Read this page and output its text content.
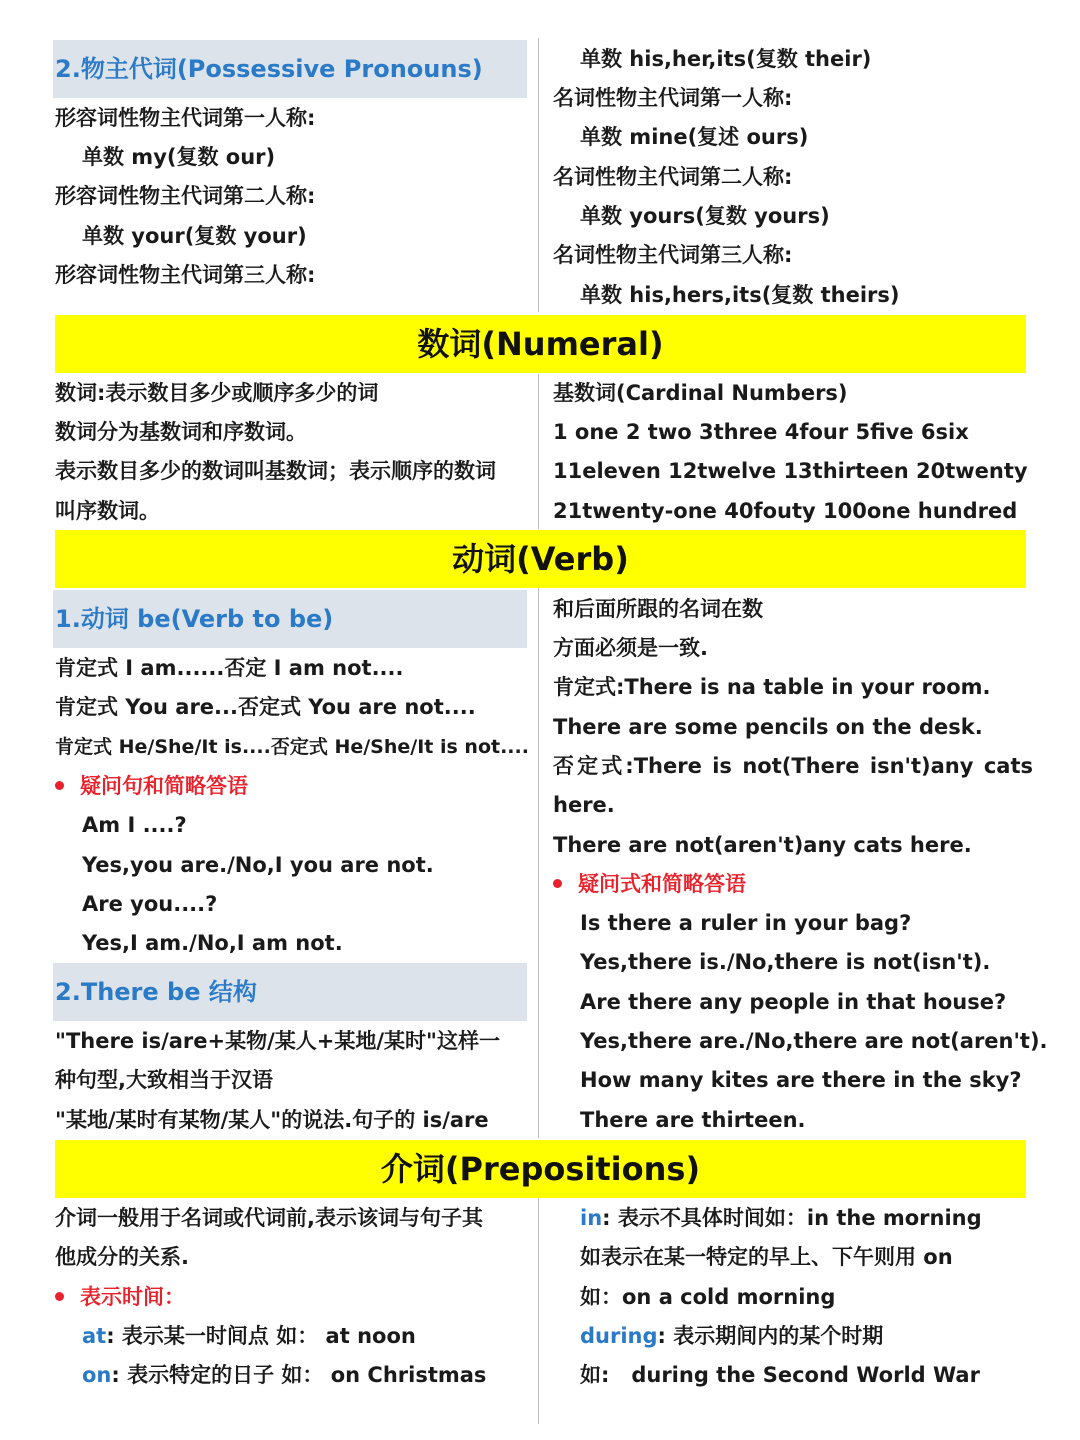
2.物主代词(Possessive Pronouns)
形容词性物主代词第一人称:
单数 my(复数 our)
形容词性物主代词第二人称:
单数 your(复数 your)
形容词性物主代词第三人称:
单数 his,her,its(复数 their)
名词性物主代词第一人称:
单数 mine(复述 ours)
名词性物主代词第二人称:
单数 yours(复数 yours)
名词性物主代词第三人称:
单数 his,hers,its(复数 theirs)
数词(Numeral)
数词:表示数目多少或顺序多少的词
数词分为基数词和序数词。
表示数目多少的数词叫基数词；表示顺序的数词
叫序数词。
基数词(Cardinal Numbers)
1 one 2 two 3three 4four 5five 6six
11eleven 12twelve 13thirteen 20twenty
21twenty-one 40fouty 100one hundred
动词(Verb)
1.动词 be(Verb to be)
肯定式 I am......否定 I am not....
肯定式 You are...否定式 You are not....
肯定式 He/She/It is....否定式 He/She/It is not....
疑问句和简略答语
Am I ....?
Yes,you are./No,I you are not.
Are you....?
Yes,I am./No,I am not.
2.There be 结构
"There is/are+某物/某人+某地/某时"这样一
种句型,大致相当于汉语
"某地/某时有某物/某人"的说法.句子的 is/are
和后面所跟的名词在数
方面必须是一致.
肯定式:There is na table in your room.
There are some pencils on the desk.
否定式:There is not(There isn't)any cats
here.
There are not(aren't)any cats here.
疑问式和简略答语
Is there a ruler in your bag?
Yes,there is./No,there is not(isn't).
Are there any people in that house?
Yes,there are./No,there are not(aren't).
How many kites are there in the sky?
There are thirteen.
介词(Prepositions)
介词一般用于名词或代词前,表示该词与句子其
他成分的关系.
表示时间：
at: 表示某一时间点 如： at noon
on: 表示特定的日子 如： on Christmas
in: 表示不具体时间如：in the morning
如表示在某一特定的早上、下午则用 on
如：on a cold morning
during: 表示期间内的某个时期
如:   during the Second World War
